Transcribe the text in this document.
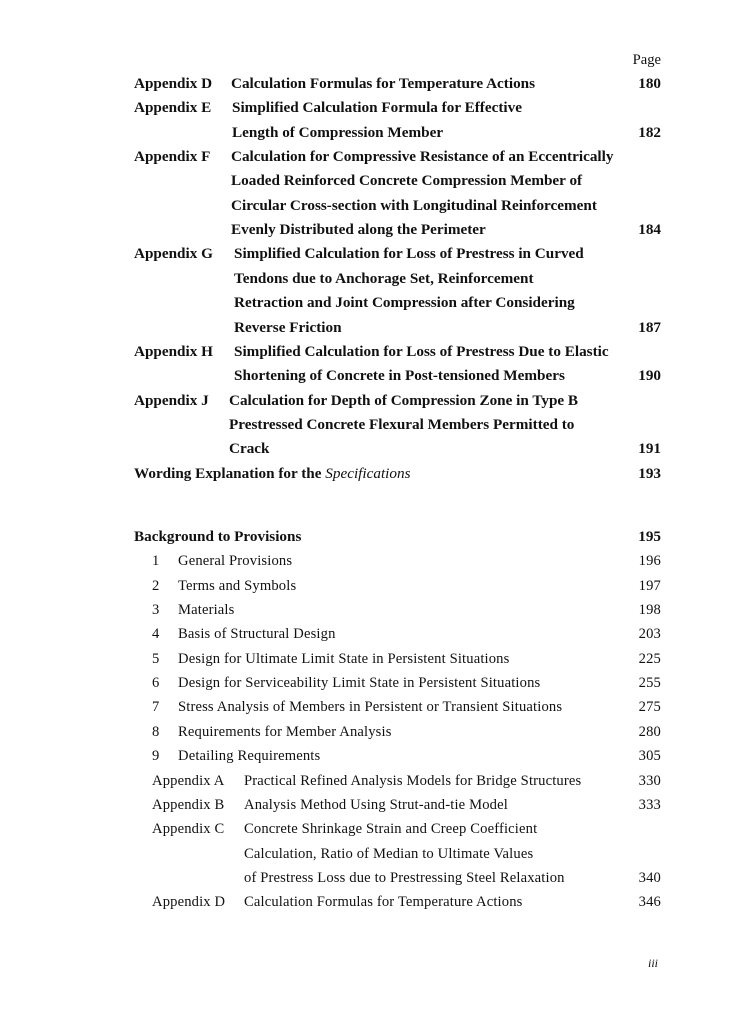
Page
Appendix D Calculation Formulas for Temperature Actions	180
Appendix E Simplified Calculation Formula for Effective
Length of Compression Member	182
Appendix F Calculation for Compressive Resistance of an Eccentrically
Loaded Reinforced Concrete Compression Member of
Circular Cross-section with Longitudinal Reinforcement
Evenly Distributed along the Perimeter	184
Appendix G Simplified Calculation for Loss of Prestress in Curved
Tendons due to Anchorage Set, Reinforcement
Retraction and Joint Compression after Considering
Reverse Friction	187
Appendix H Simplified Calculation for Loss of Prestress Due to Elastic
Shortening of Concrete in Post-tensioned Members	190
Appendix J Calculation for Depth of Compression Zone in Type B
Prestressed Concrete Flexural Members Permitted to
Crack	191
Wording Explanation for the Specifications	193
Background to Provisions	195
1 General Provisions	196
2 Terms and Symbols	197
3 Materials	198
4 Basis of Structural Design	203
5 Design for Ultimate Limit State in Persistent Situations	225
6 Design for Serviceability Limit State in Persistent Situations	255
7 Stress Analysis of Members in Persistent or Transient Situations	275
8 Requirements for Member Analysis	280
9 Detailing Requirements	305
Appendix A Practical Refined Analysis Models for Bridge Structures	330
Appendix B Analysis Method Using Strut-and-tie Model	333
Appendix C Concrete Shrinkage Strain and Creep Coefficient
Calculation, Ratio of Median to Ultimate Values
of Prestress Loss due to Prestressing Steel Relaxation	340
Appendix D Calculation Formulas for Temperature Actions	346
iii
